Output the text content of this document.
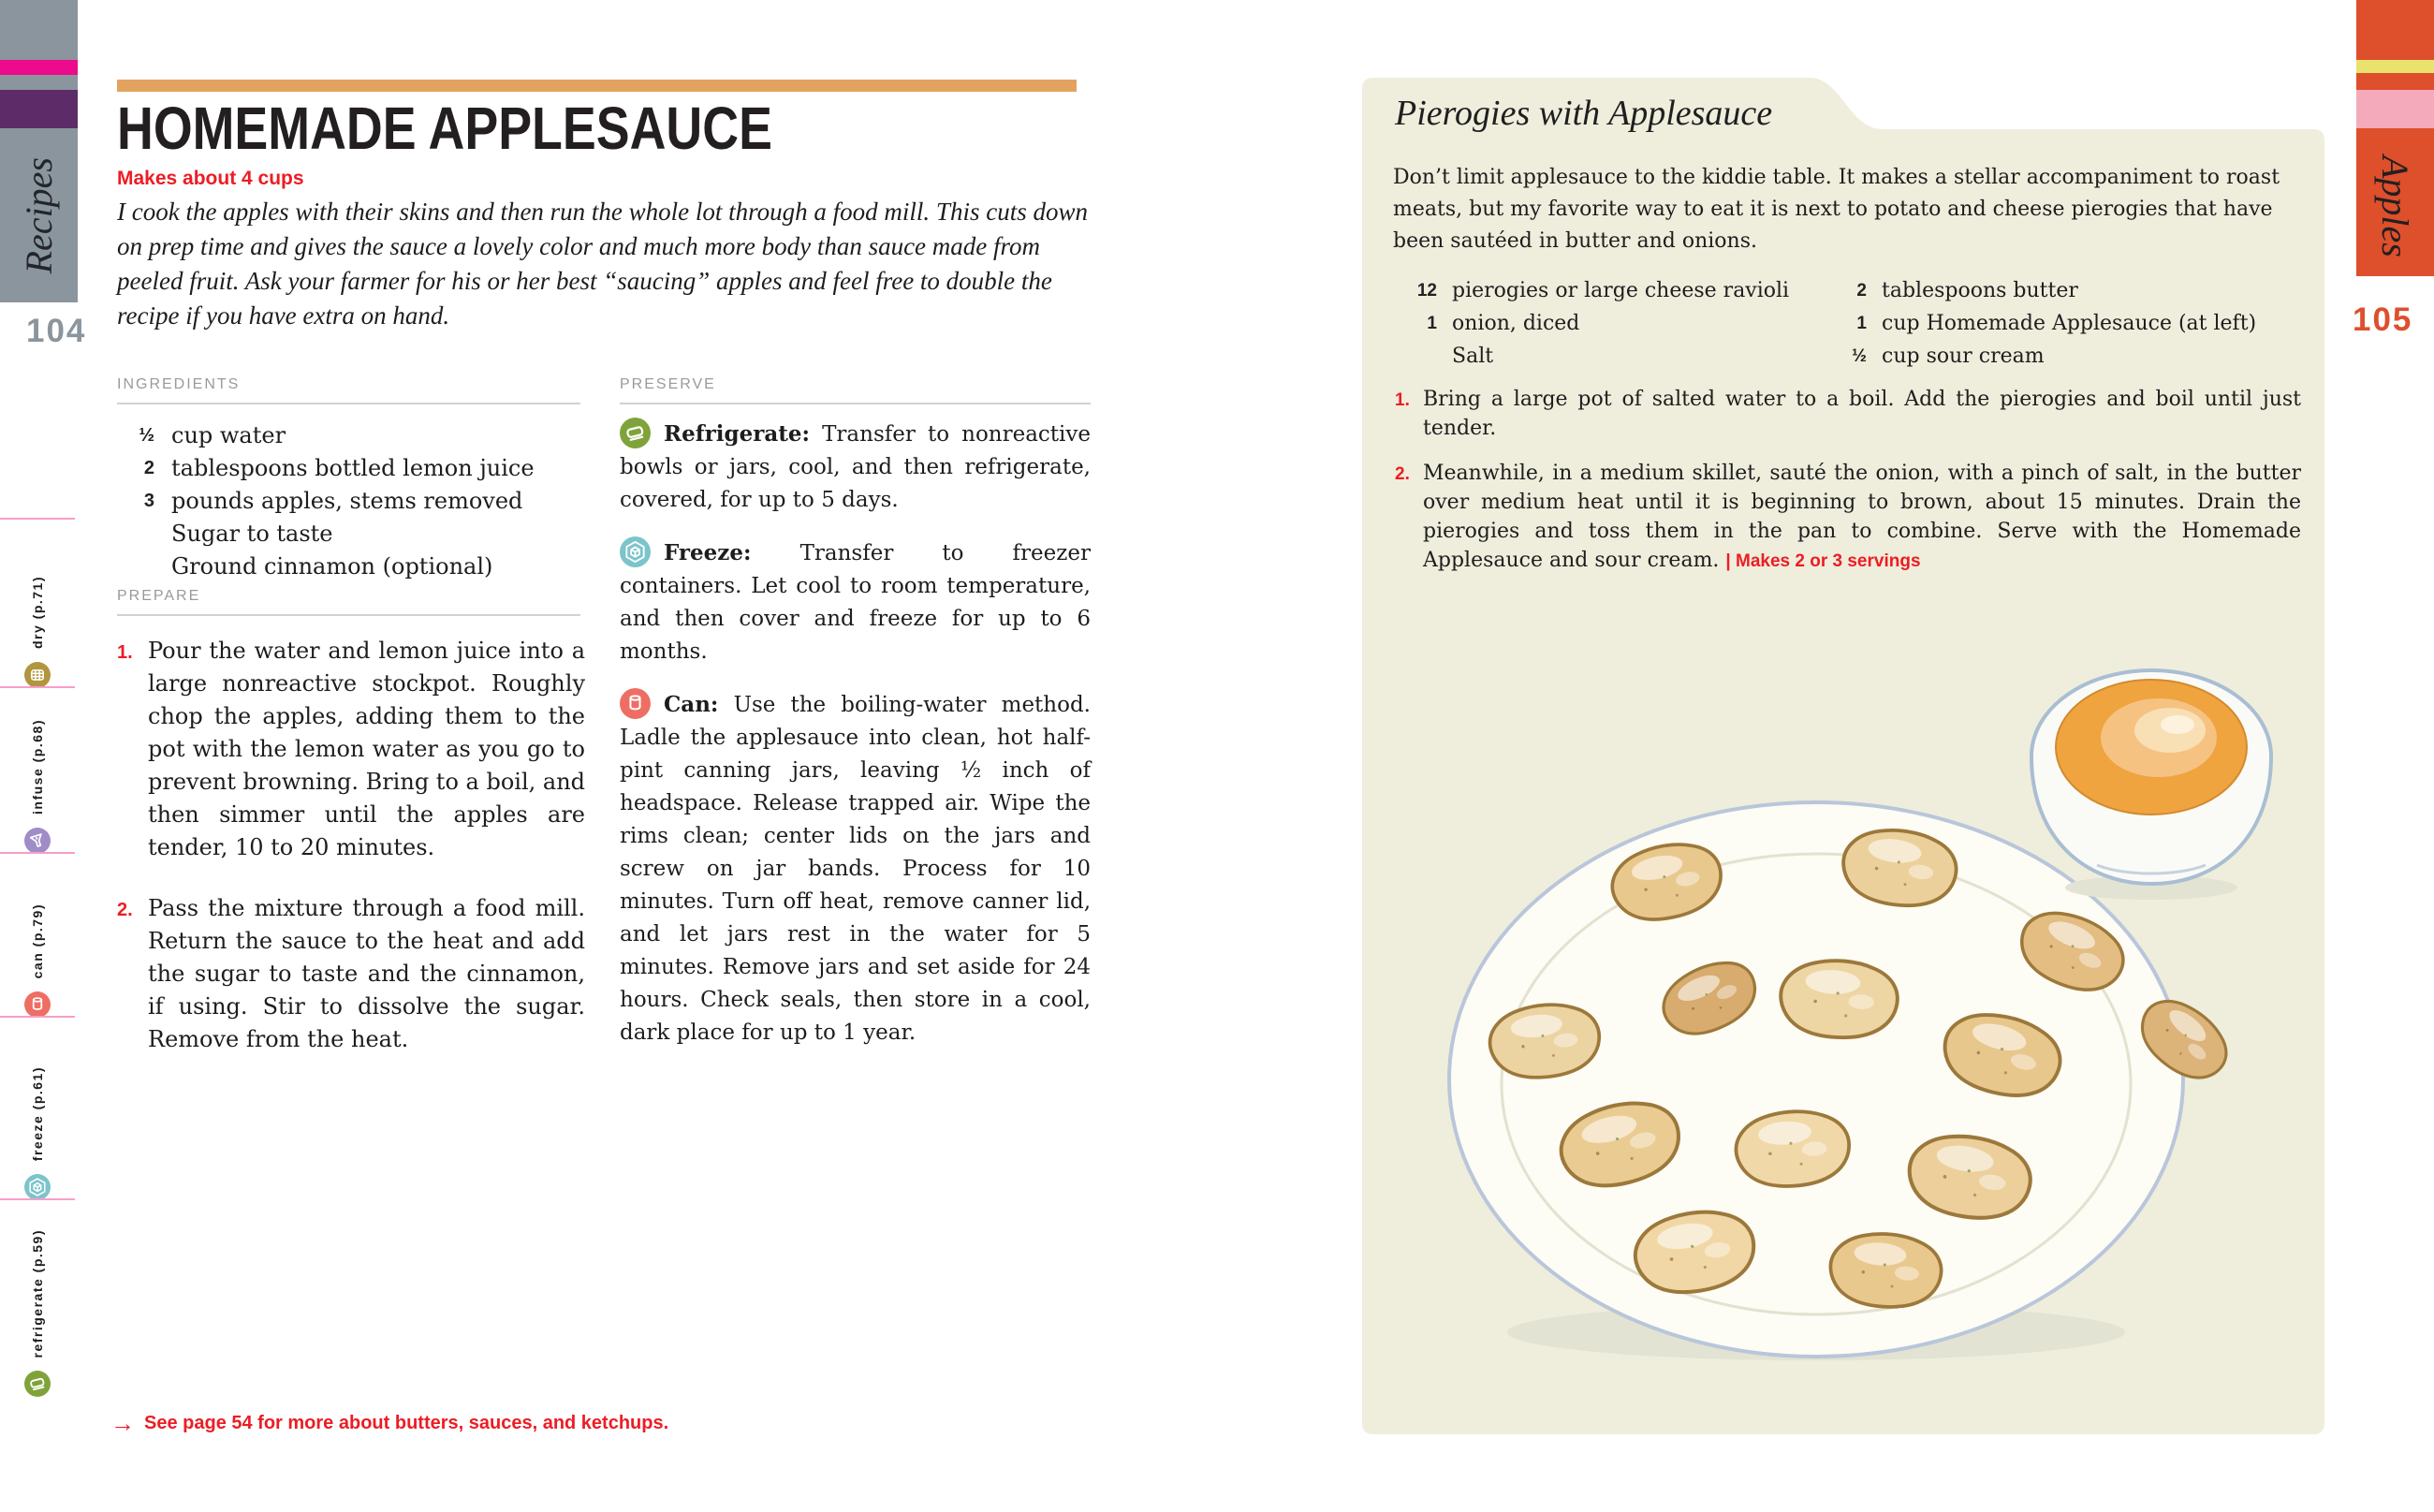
Recipes
104
dry (p.71)
infuse (p.68)
can (p.79)
freeze (p.61)
refrigerate (p.59)
HOMEMADE APPLESAUCE
Makes about 4 cups
I cook the apples with their skins and then run the whole lot through a food mill. This cuts down on prep time and gives the sauce a lovely color and much more body than sauce made from peeled fruit. Ask your farmer for his or her best “saucing” apples and feel free to double the recipe if you have extra on hand.
INGREDIENTS
½ cup water
2 tablespoons bottled lemon juice
3 pounds apples, stems removed
Sugar to taste
Ground cinnamon (optional)
PREPARE
1. Pour the water and lemon juice into a large nonreactive stockpot. Roughly chop the apples, adding them to the pot with the lemon water as you go to prevent browning. Bring to a boil, and then simmer until the apples are tender, 10 to 20 minutes.
2. Pass the mixture through a food mill. Return the sauce to the heat and add the sugar to taste and the cinnamon, if using. Stir to dissolve the sugar. Remove from the heat.
PRESERVE

Refrigerate: Transfer to nonreactive bowls or jars, cool, and then refrigerate, covered, for up to 5 days.

Freeze: Transfer to freezer containers. Let cool to room temperature, and then cover and freeze for up to 6 months.

Can: Use the boiling-water method. Ladle the applesauce into clean, hot half-pint canning jars, leaving ½ inch of headspace. Release trapped air. Wipe the rims clean; center lids on the jars and screw on jar bands. Process for 10 minutes. Turn off heat, remove canner lid, and let jars rest in the water for 5 minutes. Remove jars and set aside for 24 hours. Check seals, then store in a cool, dark place for up to 1 year.

→ See page 54 for more about butters, sauces, and ketchups.
Pierogies with Applesauce
Don’t limit applesauce to the kiddie table. It makes a stellar accompaniment to roast meats, but my favorite way to eat it is next to potato and cheese pierogies that have been sautéed in butter and onions.
12 pierogies or large cheese ravioli
1 onion, diced
Salt
2 tablespoons butter
1 cup Homemade Applesauce (at left)
½ cup sour cream
1. Bring a large pot of salted water to a boil. Add the pierogies and boil until just tender.
2. Meanwhile, in a medium skillet, sauté the onion, with a pinch of salt, in the butter over medium heat until it is beginning to brown, about 15 minutes. Drain the pierogies and toss them in the pan to combine. Serve with the Homemade Applesauce and sour cream. | Makes 2 or 3 servings
Apples
105
